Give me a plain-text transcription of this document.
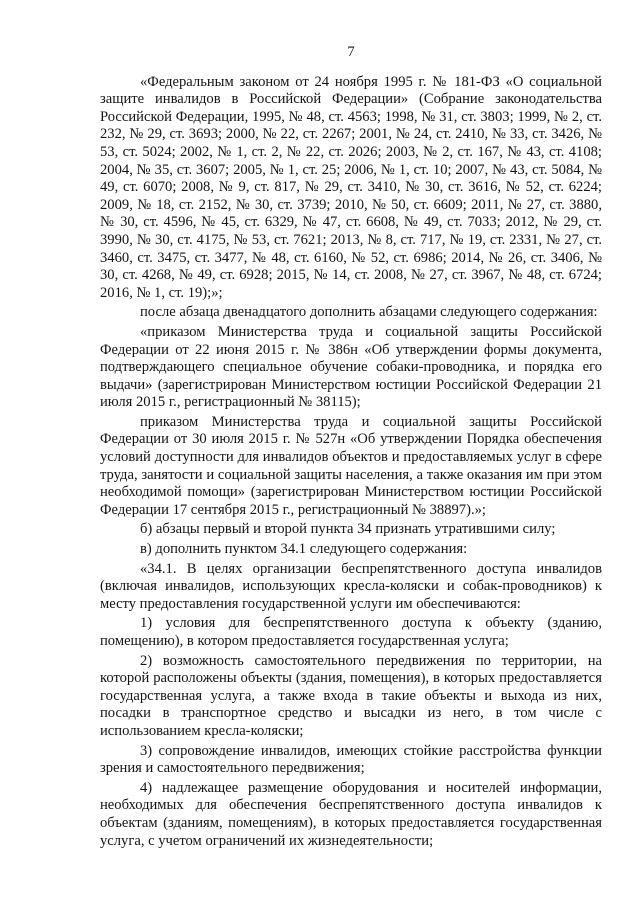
7

«Федеральным законом от 24 ноября 1995 г. № 181-ФЗ «О социальной защите инвалидов в Российской Федерации» (Собрание законодательства Российской Федерации, 1995, № 48, ст. 4563; 1998, № 31, ст. 3803; 1999, № 2, ст. 232, № 29, ст. 3693; 2000, № 22, ст. 2267; 2001, № 24, ст. 2410, № 33, ст. 3426, № 53, ст. 5024; 2002, № 1, ст. 2, № 22, ст. 2026; 2003, № 2, ст. 167, № 43, ст. 4108; 2004, № 35, ст. 3607; 2005, № 1, ст. 25; 2006, № 1, ст. 10; 2007, № 43, ст. 5084, № 49, ст. 6070; 2008, № 9, ст. 817, № 29, ст. 3410, № 30, ст. 3616, № 52, ст. 6224; 2009, № 18, ст. 2152, № 30, ст. 3739; 2010, № 50, ст. 6609; 2011, № 27, ст. 3880, № 30, ст. 4596, № 45, ст. 6329, № 47, ст. 6608, № 49, ст. 7033; 2012, № 29, ст. 3990, № 30, ст. 4175, № 53, ст. 7621; 2013, № 8, ст. 717, № 19, ст. 2331, № 27, ст. 3460, ст. 3475, ст. 3477, № 48, ст. 6160, № 52, ст. 6986; 2014, № 26, ст. 3406, № 30, ст. 4268, № 49, ст. 6928; 2015, № 14, ст. 2008, № 27, ст. 3967, № 48, ст. 6724; 2016, № 1, ст. 19);»;

после абзаца двенадцатого дополнить абзацами следующего содержания:

«приказом Министерства труда и социальной защиты Российской Федерации от 22 июня 2015 г. № 386н «Об утверждении формы документа, подтверждающего специальное обучение собаки-проводника, и порядка его выдачи» (зарегистрирован Министерством юстиции Российской Федерации 21 июля 2015 г., регистрационный № 38115);

приказом Министерства труда и социальной защиты Российской Федерации от 30 июля 2015 г. № 527н «Об утверждении Порядка обеспечения условий доступности для инвалидов объектов и предоставляемых услуг в сфере труда, занятости и социальной защиты населения, а также оказания им при этом необходимой помощи» (зарегистрирован Министерством юстиции Российской Федерации 17 сентября 2015 г., регистрационный № 38897).»;

б) абзацы первый и второй пункта 34 признать утратившими силу;

в) дополнить пунктом 34.1 следующего содержания:

«34.1. В целях организации беспрепятственного доступа инвалидов (включая инвалидов, использующих кресла-коляски и собак-проводников) к месту предоставления государственной услуги им обеспечиваются:

1) условия для беспрепятственного доступа к объекту (зданию, помещению), в котором предоставляется государственная услуга;

2) возможность самостоятельного передвижения по территории, на которой расположены объекты (здания, помещения), в которых предоставляется государственная услуга, а также входа в такие объекты и выхода из них, посадки в транспортное средство и высадки из него, в том числе с использованием кресла-коляски;

3) сопровождение инвалидов, имеющих стойкие расстройства функции зрения и самостоятельного передвижения;

4) надлежащее размещение оборудования и носителей информации, необходимых для обеспечения беспрепятственного доступа инвалидов к объектам (зданиям, помещениям), в которых предоставляется государственная услуга, с учетом ограничений их жизнедеятельности;
